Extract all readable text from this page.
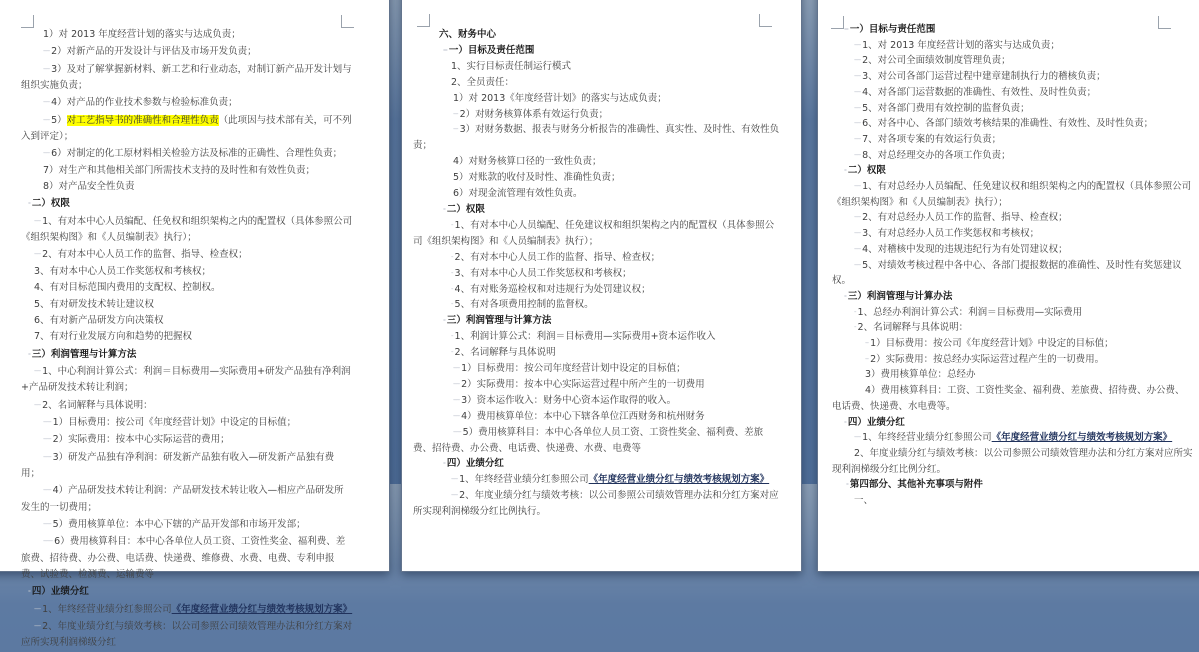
1）对 2013 年度经营计划的落实与达成负责；
---- 2）对新产品的开发设计与评估及市场开发负责；
---- 3）及对了解掌握新材料、新工艺和行业动态，对制订新产品开发计划与组织实施负责；
---- 4）对产品的作业技术参数与检验标准负责；
---- 5）对工艺指导书的准确性和合理性负责（此项因与技术部有关，可不列入到评定）；
---- 6）对制定的化工原材料相关检验方法及标准的正确性、合理性负责；
7）对生产和其他相关部门所需技术支持的及时性和有效性负责；
8）对产品安全性负责
- 二）权限
---- 1、有对本中心人员编配、任免权和组织架构之内的配置权（具体参照公司《组织架构图》和《人员编制表》执行）；
---- 2、有对本中心人员工作的监督、指导、检查权；
3、有对本中心人员工作奖惩权和考核权；
4、有对目标范围内费用的支配权、控制权。
5、有对研发技术转让建议权
6、有对新产品研发方向决策权
7、有对行业发展方向和趋势的把握权
- 三）利润管理与计算方法
---- 1、中心利润计算公式：利润＝目标费用—实际费用+研发产品独有净利润+产品研发技术转让利润；
---- 2、名词解释与具体说明：
----- 1）目标费用：按公司《年度经营计划》中设定的目标值；
----- 2）实际费用：按本中心实际运营的费用；
----- 3）研发产品独有净利润：研发新产品独有收入—研发新产品独有费用；
----- 4）产品研发技术转让利润：产品研发技术转让收入—相应产品研发所发生的一切费用；
----- 5）费用核算单位：本中心下辖的产品开发部和市场开发部；
------ 6）费用核算科目：本中心各单位人员工资、工资性奖金、福利费、差旅费、招待费、办公费、电话费、快递费、维修费、水费、电费、专利申报费、试验费、检测费、运输费等
- 四）业绩分红
---- 1、年终经营业绩分红参照公司《年度经营业绩分红与绩效考核规划方案》
---- 2、年度业绩分红与绩效考核：以公司参照公司绩效管理办法和分红方案对应所实现利润梯级分红
六、财务中心
-- 一）目标及责任范围
1、实行目标责任制运行模式
2、全员责任：
1）对 2013《年度经营计划》的落实与达成负责；
--- 2）对财务核算体系有效运行负责；
--- 3）对财务数据、报表与财务分析报告的准确性、真实性、及时性、有效性负责；
4）对财务核算口径的一致性负责；
5）对账款的收付及时性、准确性负责；
6）对现金流管理有效性负责。
- 二）权限
- 1、有对本中心人员编配、任免建议权和组织架构之内的配置权（具体参照公司《组织架构图》和《人员编制表》执行）；
- 2、有对本中心人员工作的监督、指导、检查权；
- 3、有对本中心人员工作奖惩权和考核权；
- 4、有对账务巡检权和对违规行为处罚建议权；
- 5、有对各项费用控制的监督权。
- 三）利润管理与计算方法
- 1、利润计算公式：利润＝目标费用—实际费用+资本运作收入
- 2、名词解释与具体说明
---- 1）目标费用：按公司年度经营计划中设定的目标值；
---- 2）实际费用：按本中心实际运营过程中所产生的一切费用
---- 3）资本运作收入：财务中心资本运作取得的收入。
---- 4）费用核算单位：本中心下辖各单位江西财务和杭州财务
----- 5）费用核算科目：本中心各单位人员工资、工资性奖金、福利费、差旅费、招待费、办公费、电话费、快递费、水费、电费等
- 四）业绩分红
---- 1、年终经营业绩分红参照公司《年度经营业绩分红与绩效考核规划方案》
---- 2、年度业绩分红与绩效考核：以公司参照公司绩效管理办法和分红方案对应所实现利润梯级分红比例执行。
-- 一）目标与责任范围
---- 1、对 2013 年度经营计划的落实与达成负责；
---- 2、对公司全面绩效制度管理负责；
---- 3、对公司各部门运营过程中建章建制执行力的稽核负责；
---- 4、对各部门运营数据的准确性、有效性、及时性负责；
---- 5、对各部门费用有效控制的监督负责；
---- 6、对各中心、各部门绩效考核结果的准确性、有效性、及时性负责；
---- 7、对各项专案的有效运行负责；
---- 8、对总经理交办的各项工作负责；
- 二）权限
---- 1、有对总经办人员编配、任免建议权和组织架构之内的配置权（具体参照公司《组织架构图》和《人员编制表》执行）；
---- 2、有对总经办人员工作的监督、指导、检查权；
---- 3、有对总经办人员工作奖惩权和考核权；
---- 4、对稽核中发现的违规违纪行为有处罚建议权；
---- 5、对绩效考核过程中各中心、各部门提报数据的准确性、及时性有奖惩建议权。
- 三）利润管理与计算办法
- 1、总经办利润计算公式：利润＝目标费用—实际费用
- 2、名词解释与具体说明：
-- 1）目标费用：按公司《年度经营计划》中设定的目标值；
-- 2）实际费用：按总经办实际运营过程产生的一切费用。
3）费用核算单位：总经办
4）费用核算科目：工资、工资性奖金、福利费、差旅费、招待费、办公费、电话费、快递费、水电费等。
- 四）业绩分红
---- 1、年终经营业绩分红参照公司《年度经营业绩分红与绩效考核规划方案》
2、年度业绩分红与绩效考核：以公司参照公司绩效管理办法和分红方案对应所实现利润梯级分红比例分红。
- 第四部分、其他补充事项与附件
一、
